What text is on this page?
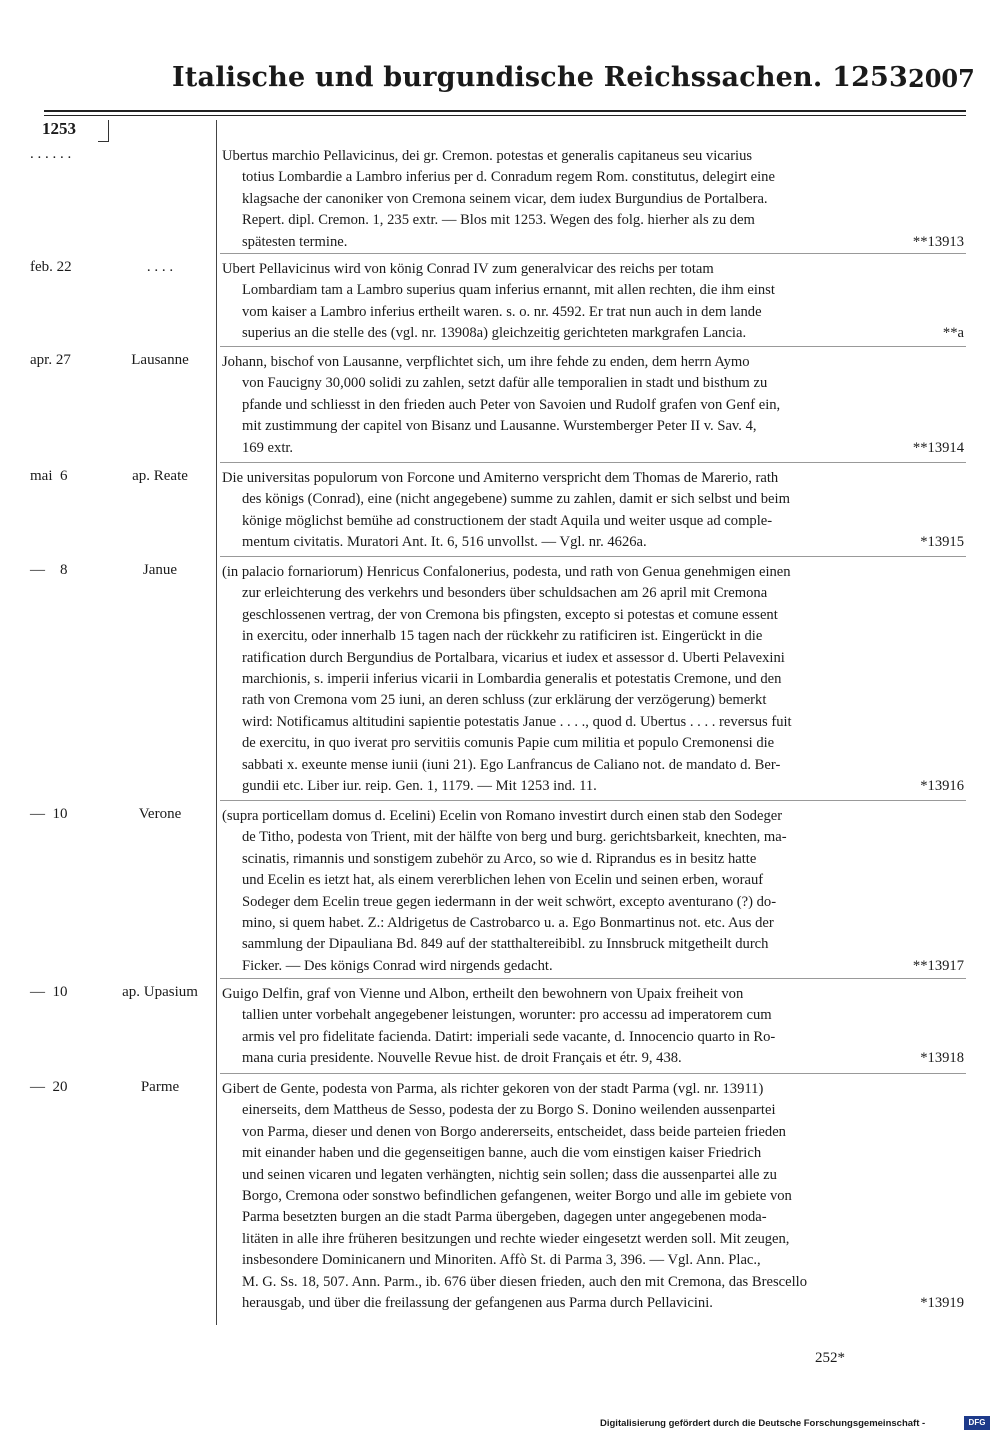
Italische und burgundische Reichssachen. 1253.
2007
1253
. . . . . .	Ubertus marchio Pellavicinus, dei gr. Cremon. potestas et generalis capitaneus seu vicarius
totius Lombardie a Lambro inferius per d. Conradum regem Rom. constitutus, delegirt eine
klagsache der canoniker von Cremona seinem vicar, dem iudex Burgundius de Portalbera.
Repert. dipl. Cremon. 1, 235 extr. — Blos mit 1253. Wegen des folg. hierher als zu dem
spätesten termine.	**13913
feb. 22	. . . .	Ubert Pellavicinus wird von könig Conrad IV zum generalvicar des reichs per totam
Lombardiam tam a Lambro superius quam inferius ernannt, mit allen rechten, die ihm einst
vom kaiser a Lambro inferius ertheilt waren. s. o. nr. 4592. Er trat nun auch in dem lande
superius an die stelle des (vgl. nr. 13908a) gleichzeitig gerichteten markgrafen Lancia.	**a
apr. 27	Lausanne	Johann, bischof von Lausanne, verpflichtet sich, um ihre fehde zu enden, dem herrn Aymo
von Faucigny 30,000 solidi zu zahlen, setzt dafür alle temporalien in stadt und bisthum zu
pfande und schliesst in den frieden auch Peter von Savoien und Rudolf grafen von Genf ein,
mit zustimmung der capitel von Bisanz und Lausanne. Wurstemberger Peter II v. Sav. 4,
169 extr.	**13914
mai  6	ap. Reate	Die universitas populorum von Forcone und Amiterno verspricht dem Thomas de Marerio, rath
des königs (Conrad), eine (nicht angegebene) summe zu zahlen, damit er sich selbst und beim
könige möglichst bemühe ad constructionem der stadt Aquila und weiter usque ad comple-
mentum civitatis. Muratori Ant. It. 6, 516 unvollst. — Vgl. nr. 4626a.	*13915
—    8	Janue	(in palacio fornariorum) Henricus Confalonerius, podesta, und rath von Genua genehmigen einen
zur erleichterung des verkehrs und besonders über schuldsachen am 26 april mit Cremona
geschlossenen vertrag, der von Cremona bis pfingsten, excepto si potestas et comune essent
in exercitu, oder innerhalb 15 tagen nach der rückkehr zu ratificiren ist. Eingerückt in die
ratification durch Bergundius de Portalbara, vicarius et iudex et assessor d. Uberti Pelavexini
marchionis, s. imperii inferius vicarii in Lombardia generalis et potestatis Cremone, und den
rath von Cremona vom 25 iuni, an deren schluss (zur erklärung der verzögerung) bemerkt
wird: Notificamus altitudini sapientie potestatis Janue . . . ., quod d. Ubertus . . . . reversus fuit
de exercitu, in quo iverat pro servitiis comunis Papie cum militia et populo Cremonensi die
sabbati x. exeunte mense iunii (iuni 21). Ego Lanfrancus de Caliano not. de mandato d. Ber-
gundii etc. Liber iur. reip. Gen. 1, 1179. — Mit 1253 ind. 11.	*13916
—  10	Verone	(supra porticellam domus d. Ecelini) Ecelin von Romano investirt durch einen stab den Sodeger
de Titho, podesta von Trient, mit der hälfte von berg und burg. gerichtsbarkeit, knechten, ma-
scinatis, rimannis und sonstigem zubehör zu Arco, so wie d. Riprandus es in besitz hatte
und Ecelin es ietzt hat, als einem vererblichen lehen von Ecelin und seinen erben, worauf
Sodeger dem Ecelin treue gegen iedermann in der weit schwört, excepto aventurano (?) do-
mino, si quem habet. Z.: Aldrigetus de Castrobarco u. a. Ego Bonmartinus not. etc. Aus der
sammlung der Dipauliana Bd. 849 auf der statthaltereibibl. zu Innsbruck mitgetheilt durch
Ficker. — Des königs Conrad wird nirgends gedacht.	**13917
—  10	ap. Upasium	Guigo Delfin, graf von Vienne und Albon, ertheilt den bewohnern von Upaix freiheit von
tallien unter vorbehalt angegebener leistungen, worunter: pro accessu ad imperatorem cum
armis vel pro fidelitate facienda. Datirt: imperiali sede vacante, d. Innocencio quarto in Ro-
mana curia presidente. Nouvelle Revue hist. de droit Français et étr. 9, 438.	*13918
—  20	Parme	Gibert de Gente, podesta von Parma, als richter gekoren von der stadt Parma (vgl. nr. 13911)
einerseits, dem Mattheus de Sesso, podesta der zu Borgo S. Donino weilenden aussenpartei
von Parma, dieser und denen von Borgo andererseits, entscheidet, dass beide parteien frieden
mit einander haben und die gegenseitigen banne, auch die vom einstigen kaiser Friedrich
und seinen vicaren und legaten verhängten, nichtig sein sollen; dass die aussenpartei alle zu
Borgo, Cremona oder sonstwo befindlichen gefangenen, weiter Borgo und alle im gebiete von
Parma besetzten burgen an die stadt Parma übergeben, dagegen unter angegebenen moda-
litäten in alle ihre früheren besitzungen und rechte wieder eingesetzt werden soll. Mit zeugen,
insbesondere Dominicanern und Minoriten. Affò St. di Parma 3, 396. — Vgl. Ann. Plac.,
M. G. Ss. 18, 507. Ann. Parm., ib. 676 über diesen frieden, auch den mit Cremona, das Brescello
herausgab, und über die freilassung der gefangenen aus Parma durch Pellavicini.	*13919
252*
Digitalisierung gefördert durch die Deutsche Forschungsgemeinschaft -	DFG
